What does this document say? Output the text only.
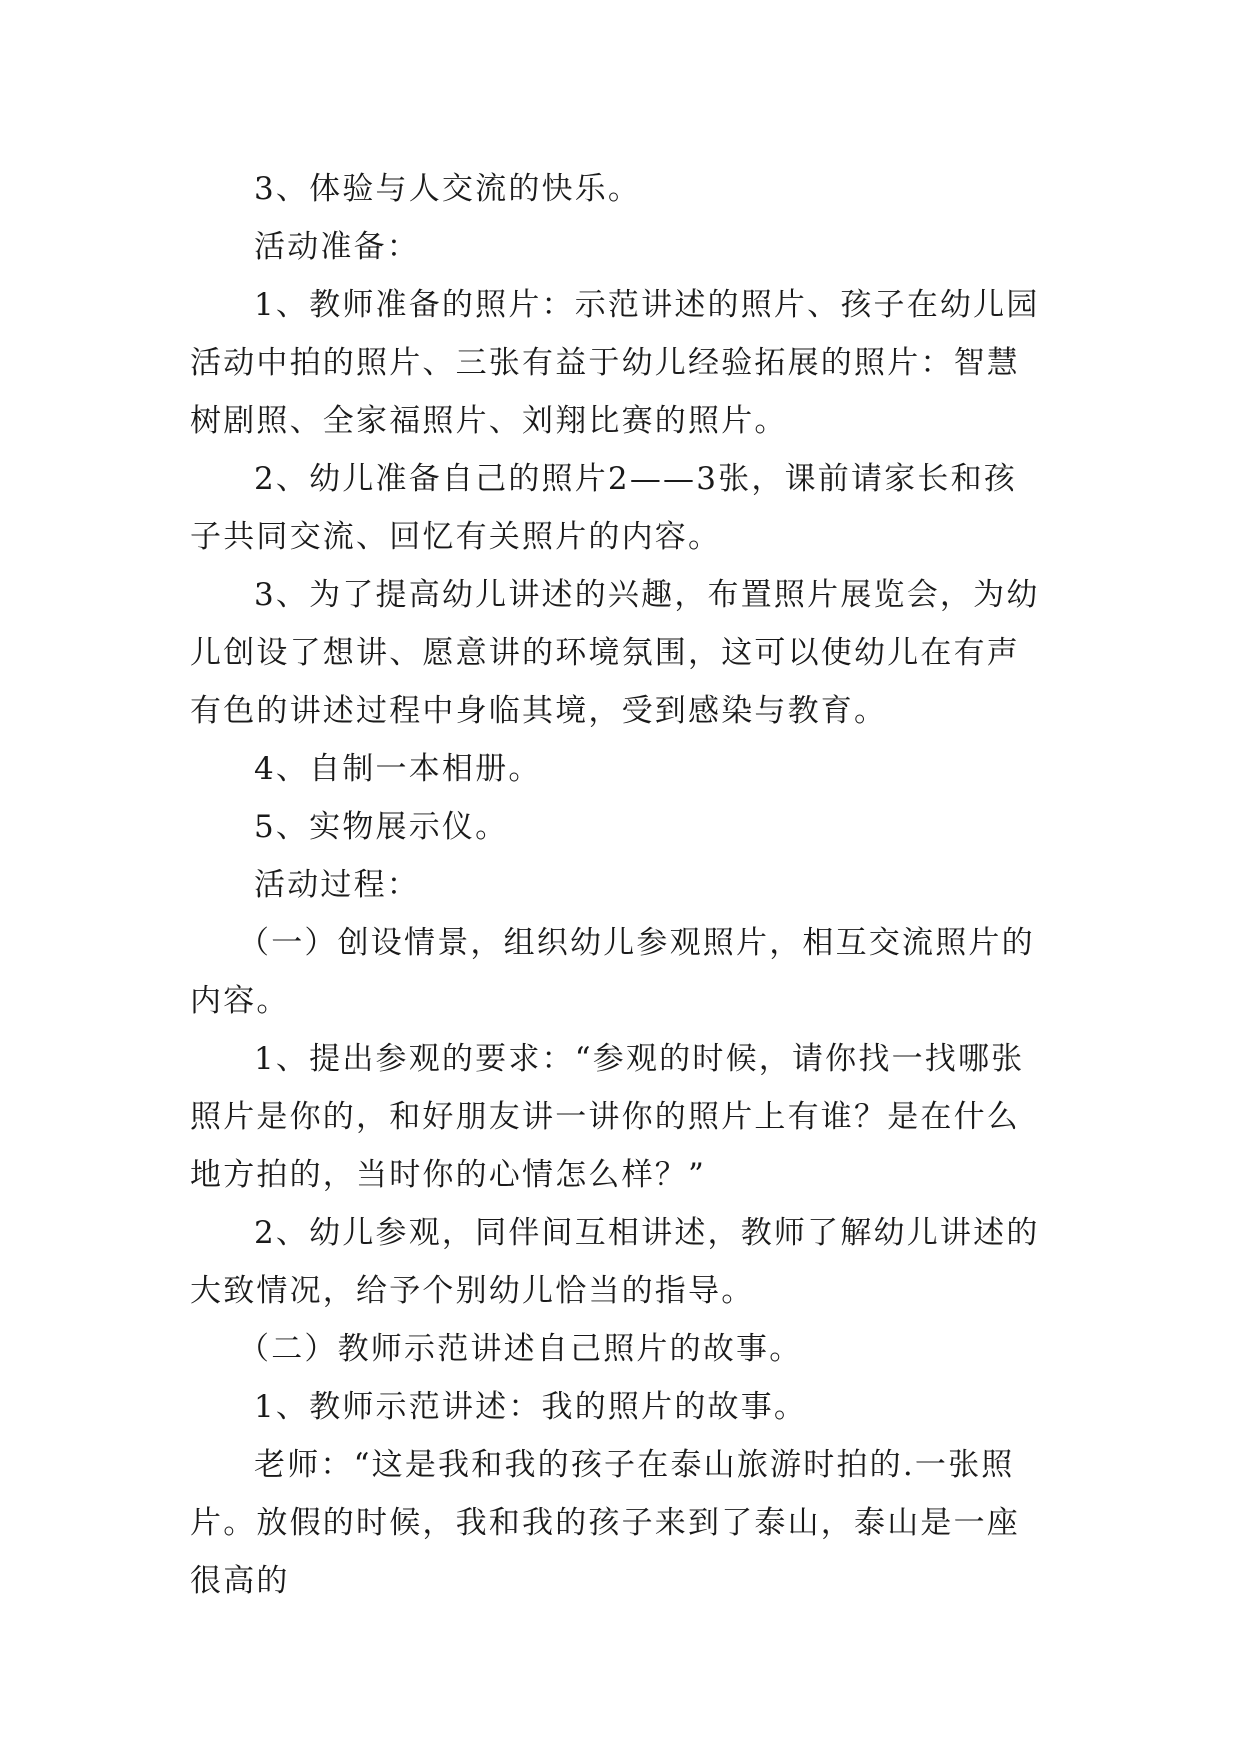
3、体验与人交流的快乐。

活动准备：

1、教师准备的照片：示范讲述的照片、孩子在幼儿园活动中拍的照片、三张有益于幼儿经验拓展的照片：智慧树剧照、全家福照片、刘翔比赛的照片。

2、幼儿准备自己的照片2——3张，课前请家长和孩子共同交流、回忆有关照片的内容。

3、为了提高幼儿讲述的兴趣，布置照片展览会，为幼儿创设了想讲、愿意讲的环境氛围，这可以使幼儿在有声有色的讲述过程中身临其境，受到感染与教育。

4、自制一本相册。

5、实物展示仪。

活动过程：

（一）创设情景，组织幼儿参观照片，相互交流照片的内容。

1、提出参观的要求：“参观的时候，请你找一找哪张照片是你的，和好朋友讲一讲你的照片上有谁？是在什么地方拍的，当时你的心情怎么样？”

2、幼儿参观，同伴间互相讲述，教师了解幼儿讲述的大致情况，给予个别幼儿恰当的指导。

（二）教师示范讲述自己照片的故事。

1、教师示范讲述：我的照片的故事。

老师：“这是我和我的孩子在泰山旅游时拍的.一张照片。放假的时候，我和我的孩子来到了泰山，泰山是一座很高的
